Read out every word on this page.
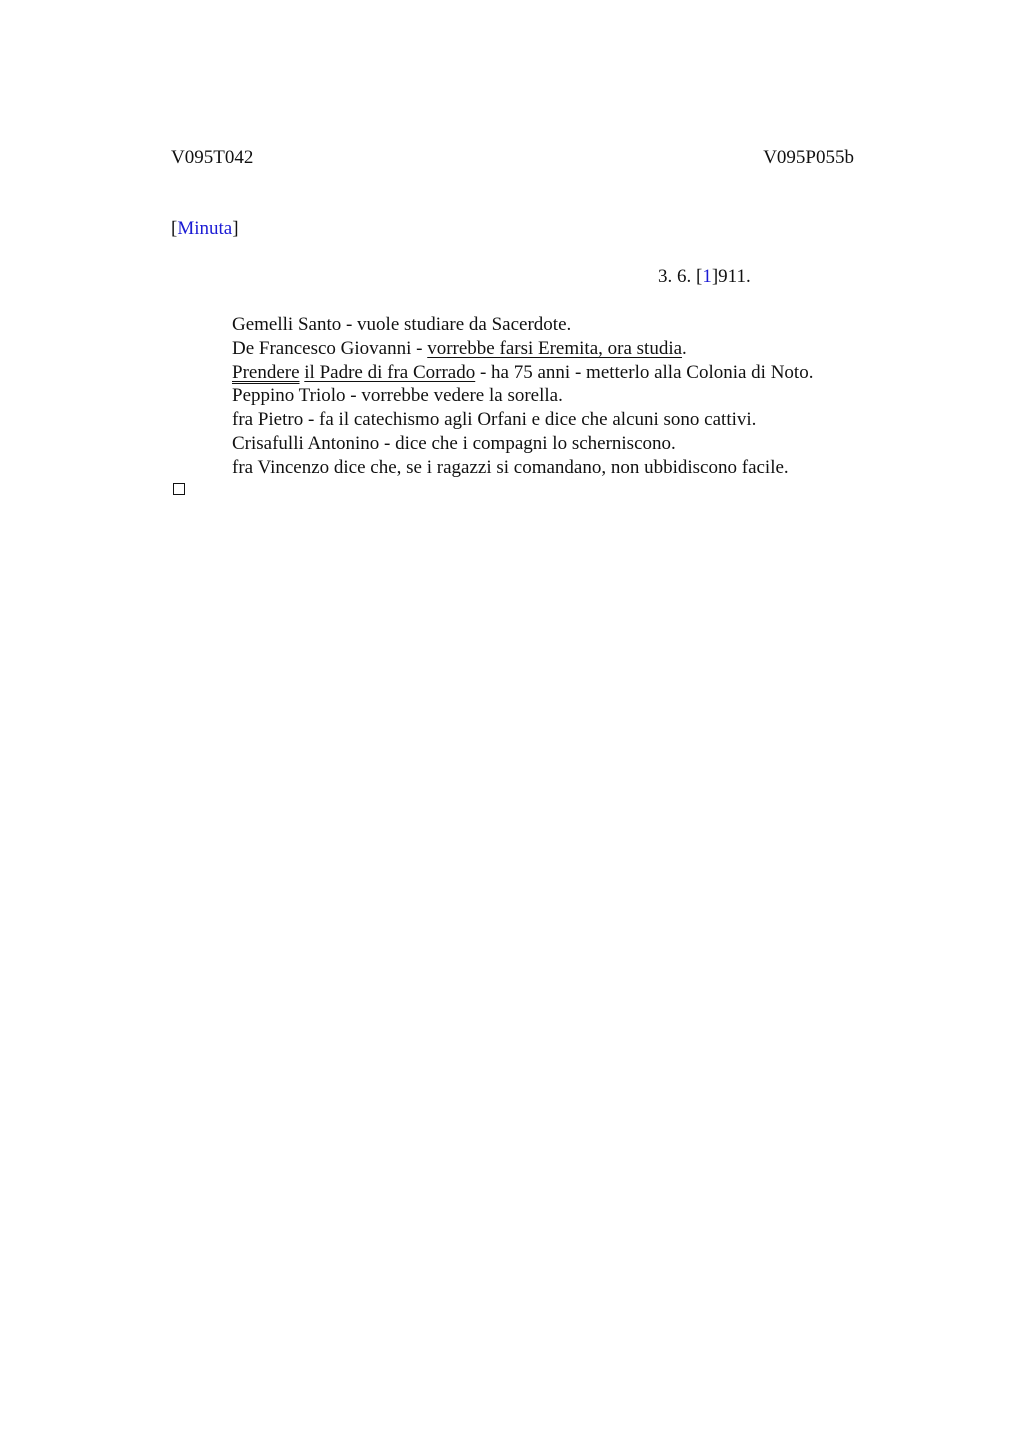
V095T042	V095P055b
[Minuta]
3. 6. [1]911.
Gemelli Santo - vuole studiare da Sacerdote.
De Francesco Giovanni - vorrebbe farsi Eremita, ora studia.
Prendere il Padre di fra Corrado - ha 75 anni - metterlo alla Colonia di Noto.
Peppino Triolo - vorrebbe vedere la sorella.
fra Pietro - fa il catechismo agli Orfani e dice che alcuni sono cattivi.
Crisafulli Antonino - dice che i compagni lo scherniscono.
fra Vincenzo dice che, se i ragazzi si comandano, non ubbidiscono facile.
